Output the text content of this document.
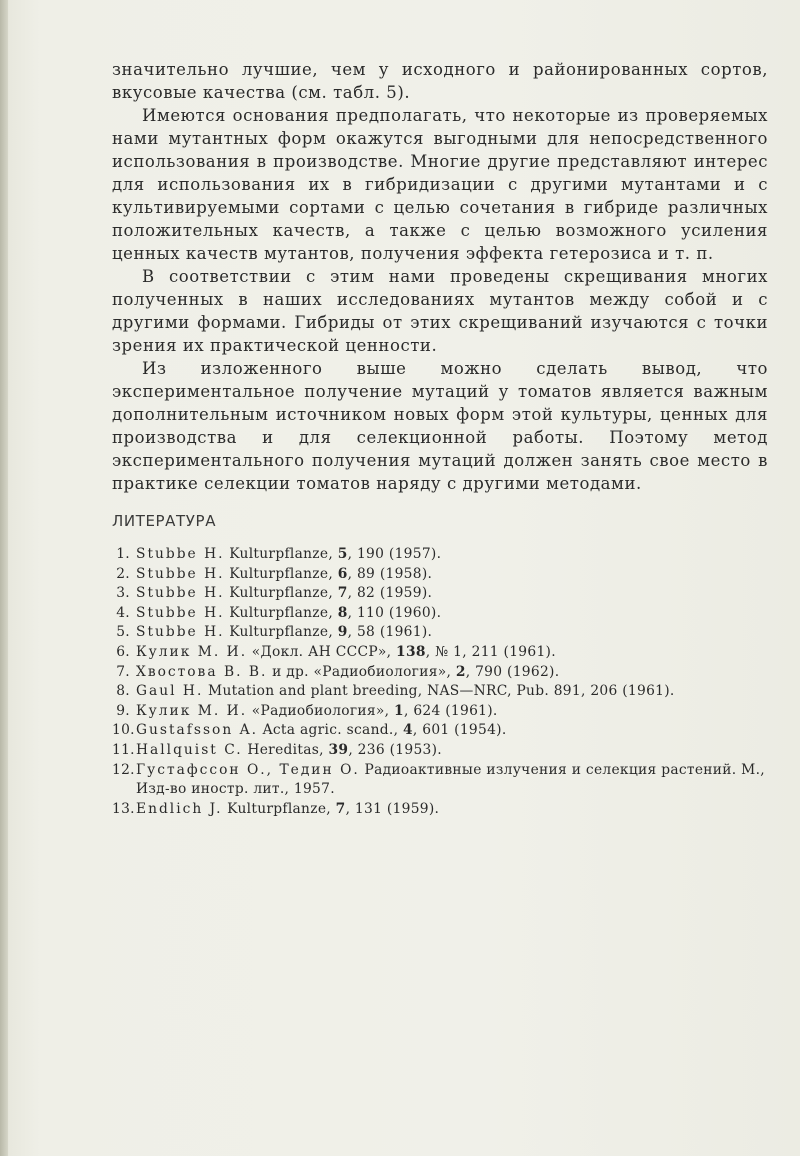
значительно лучшие, чем у исходного и районированных сортов, вкусовые качества (см. табл. 5).

Имеются основания предполагать, что некоторые из проверяемых нами мутантных форм окажутся выгодными для непосредственного использования в производстве. Многие другие представляют интерес для использования их в гибридизации с другими мутантами и с культивируемыми сортами с целью сочетания в гибриде различных положительных качеств, а также с целью возможного усиления ценных качеств мутантов, получения эффекта гетерозиса и т. п.

В соответствии с этим нами проведены скрещивания многих полученных в наших исследованиях мутантов между собой и с другими формами. Гибриды от этих скрещиваний изучаются с точки зрения их практической ценности.

Из изложенного выше можно сделать вывод, что экспериментальное получение мутаций у томатов является важным дополнительным источником новых форм этой культуры, ценных для производства и для селекционной работы. Поэтому метод экспериментального получения мутаций должен занять свое место в практике селекции томатов наряду с другими методами.

ЛИТЕРАТУРА
1. Stubbe H. Kulturpflanze, 5, 190 (1957).
2. Stubbe H. Kulturpflanze, 6, 89 (1958).
3. Stubbe H. Kulturpflanze, 7, 82 (1959).
4. Stubbe H. Kulturpflanze, 8, 110 (1960).
5. Stubbe H. Kulturpflanze, 9, 58 (1961).
6. Кулик М. И. «Докл. АН СССР», 138, № 1, 211 (1961).
7. Хвостова В. В. и др. «Радиобиология», 2, 790 (1962).
8. Gaul H. Mutation and plant breeding, NAS—NRC, Pub. 891, 206 (1961).
9. Кулик М. И. «Радиобиология», 1, 624 (1961).
10. Gustafsson A. Acta agric. scand., 4, 601 (1954).
11. Hallquist C. Hereditas, 39, 236 (1953).
12. Густафссон О., Тедин О. Радиоактивные излучения и селекция растений. М., Изд-во иностр. лит., 1957.
13. Endlich J. Kulturpflanze, 7, 131 (1959).
